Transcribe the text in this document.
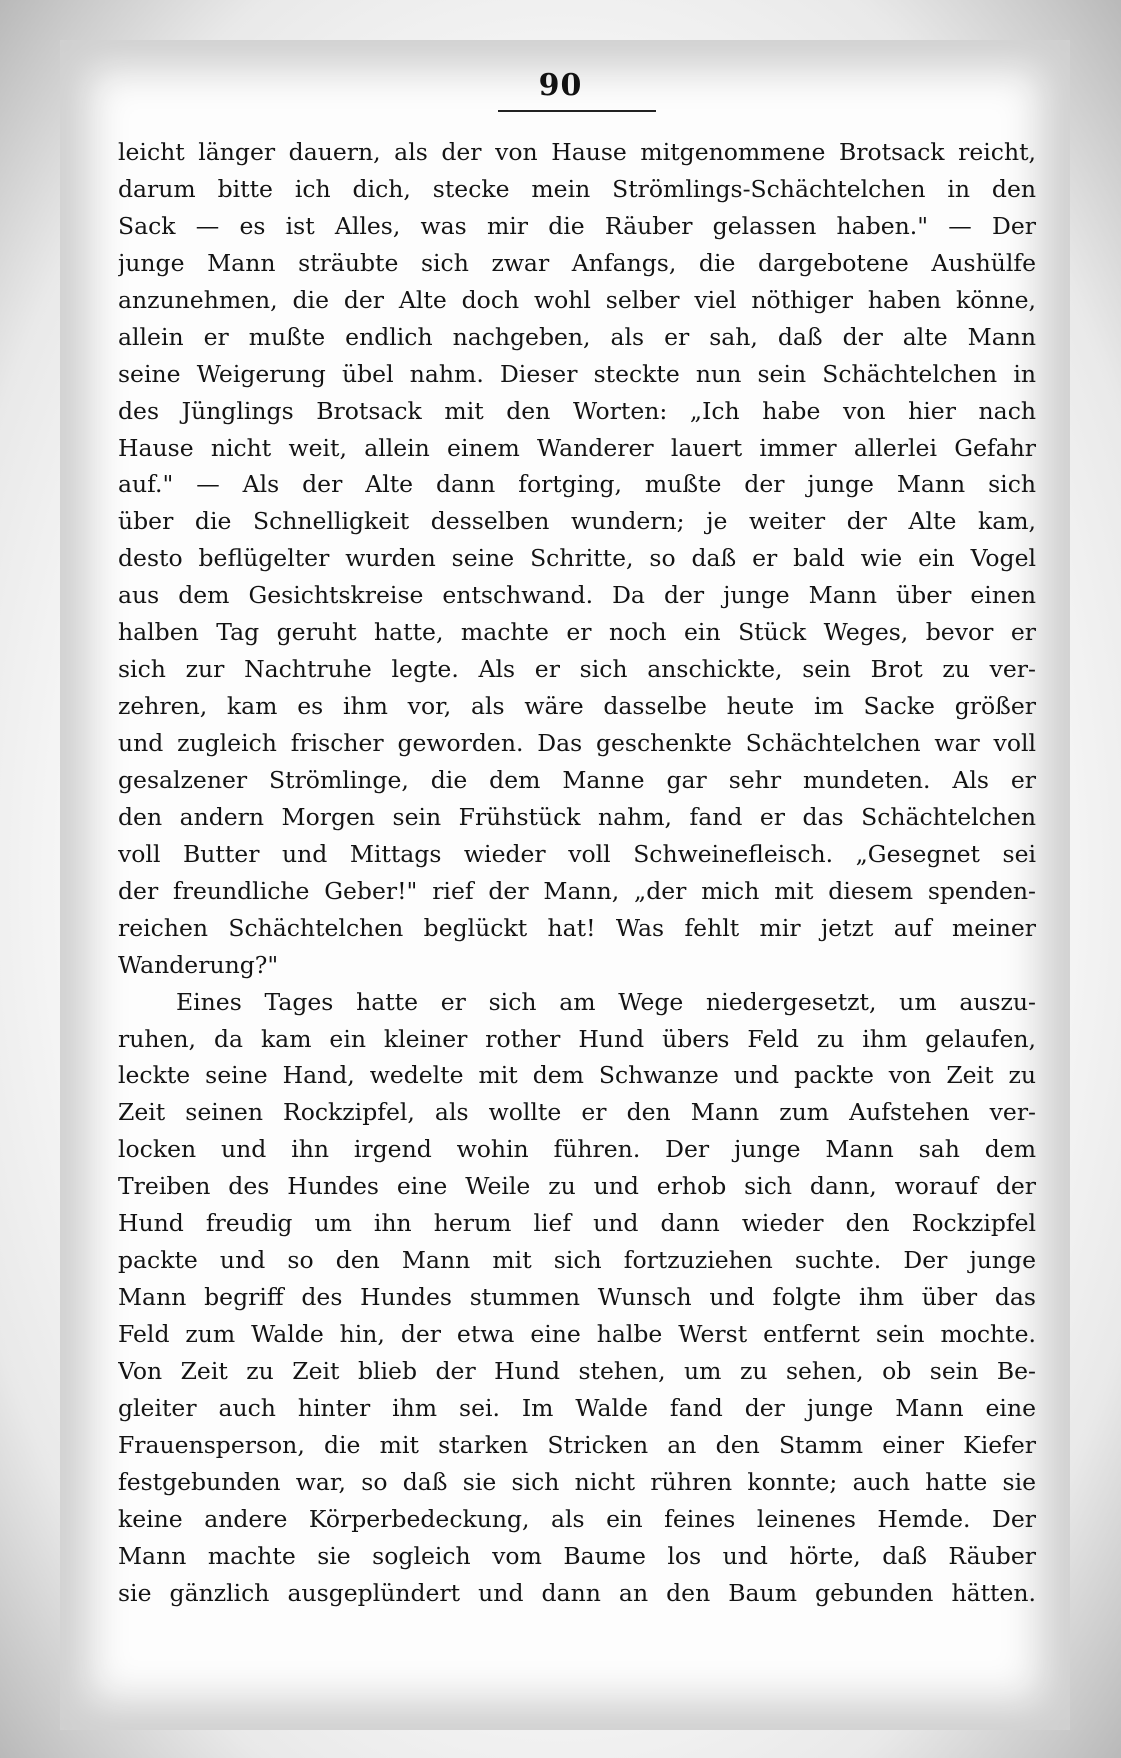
90
leicht länger dauern, als der von Hause mitgenommene Brotsack reicht,
darum bitte ich dich, stecke mein Strömlings-Schächtelchen in den
Sack — es ist Alles, was mir die Räuber gelassen haben." — Der
junge Mann sträubte sich zwar Anfangs, die dargebotene Aushülfe
anzunehmen, die der Alte doch wohl selber viel nöthiger haben könne,
allein er mußte endlich nachgeben, als er sah, daß der alte Mann
seine Weigerung übel nahm. Dieser steckte nun sein Schächtelchen in
des Jünglings Brotsack mit den Worten: „Ich habe von hier nach
Hause nicht weit, allein einem Wanderer lauert immer allerlei Gefahr
auf." — Als der Alte dann fortging, mußte der junge Mann sich
über die Schnelligkeit desselben wundern; je weiter der Alte kam,
desto beflügelter wurden seine Schritte, so daß er bald wie ein Vogel
aus dem Gesichtskreise entschwand. Da der junge Mann über einen
halben Tag geruht hatte, machte er noch ein Stück Weges, bevor er
sich zur Nachtruhe legte. Als er sich anschickte, sein Brot zu ver-
zehren, kam es ihm vor, als wäre dasselbe heute im Sacke größer
und zugleich frischer geworden. Das geschenkte Schächtelchen war voll
gesalzener Strömlinge, die dem Manne gar sehr mundeten. Als er
den andern Morgen sein Frühstück nahm, fand er das Schächtelchen
voll Butter und Mittags wieder voll Schweinefleisch. „Gesegnet sei
der freundliche Geber!" rief der Mann, „der mich mit diesem spenden-
reichen Schächtelchen beglückt hat! Was fehlt mir jetzt auf meiner
Wanderung?"
Eines Tages hatte er sich am Wege niedergesetzt, um auszu-
ruhen, da kam ein kleiner rother Hund übers Feld zu ihm gelaufen,
leckte seine Hand, wedelte mit dem Schwanze und packte von Zeit zu
Zeit seinen Rockzipfel, als wollte er den Mann zum Aufstehen ver-
locken und ihn irgend wohin führen. Der junge Mann sah dem
Treiben des Hundes eine Weile zu und erhob sich dann, worauf der
Hund freudig um ihn herum lief und dann wieder den Rockzipfel
packte und so den Mann mit sich fortzuziehen suchte. Der junge
Mann begriff des Hundes stummen Wunsch und folgte ihm über das
Feld zum Walde hin, der etwa eine halbe Werst entfernt sein mochte.
Von Zeit zu Zeit blieb der Hund stehen, um zu sehen, ob sein Be-
gleiter auch hinter ihm sei. Im Walde fand der junge Mann eine
Frauensperson, die mit starken Stricken an den Stamm einer Kiefer
festgebunden war, so daß sie sich nicht rühren konnte; auch hatte sie
keine andere Körperbedeckung, als ein feines leinenes Hemde. Der
Mann machte sie sogleich vom Baume los und hörte, daß Räuber
sie gänzlich ausgeplündert und dann an den Baum gebunden hätten.
